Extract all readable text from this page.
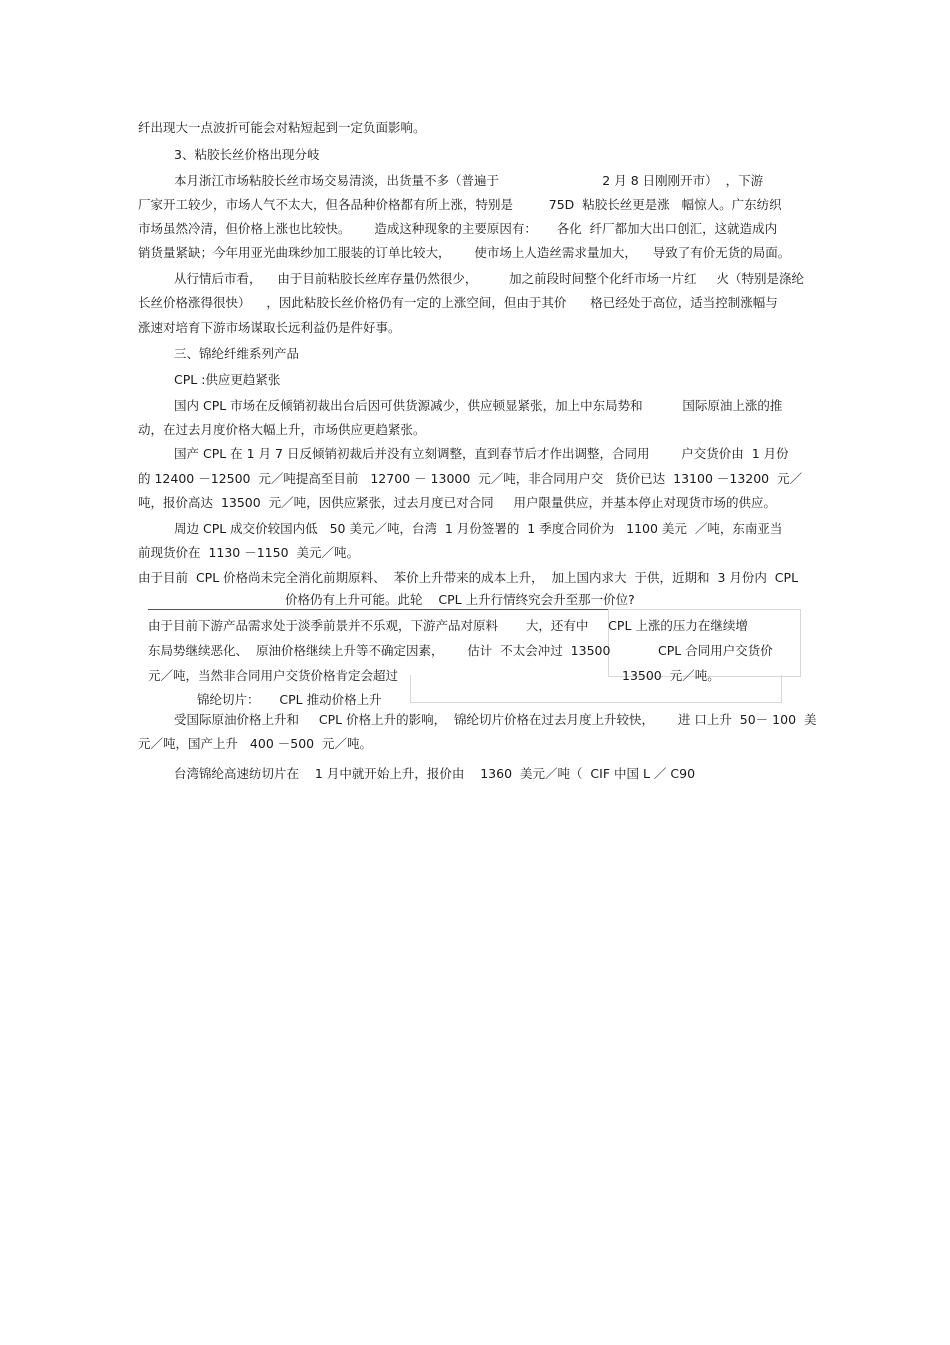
纤出现大一点波折可能会对粘短起到一定负面影响。

3、粘胶长丝价格出现分岐

本月浙江市场粘胶长丝市场交易清淡，出货量不多（普遍于                          2 月 8 日刚刚开市）  ，下游

厂家开工较少，市场人气不太大，但各品种价格都有所上涨，特别是         75D  粘胶长丝更是涨   幅惊人。广东纺织

市场虽然冷清，但价格上涨也比较快。      造成这种现象的主要原因有：     各化  纤厂都加大出口创汇，这就造成内

销货量紧缺；今年用亚光曲珠纱加工服装的订单比较大，      使市场上人造丝需求量加大，    导致了有价无货的局面。

从行情后市看，    由于目前粘胶长丝库存量仍然很少，        加之前段时间整个化纤市场一片红     火（特别是涤纶

长丝价格涨得很快）    ，因此粘胶长丝价格仍有一定的上涨空间，但由于其价      格已经处于高位，适当控制涨幅与

涨速对培育下游市场谋取长远利益仍是件好事。

三、锦纶纤维系列产品

CPL :供应更趋紧张

国内 CPL 市场在反倾销初裁出台后因可供货源减少，供应顿显紧张，加上中东局势和          国际原油上涨的推

动，在过去月度价格大幅上升，市场供应更趋紧张。

国产 CPL 在 1 月 7 日反倾销初裁后并没有立刻调整，直到春节后才作出调整，合同用        户交货价由  1 月份

的 12400 －12500  元／吨提高至目前   12700 － 13000  元／吨，非合同用户交   货价已达  13100 －13200  元／

吨，报价高达  13500  元／吨，因供应紧张，过去月度已对合同     用户限量供应，并基本停止对现货市场的供应。

周边 CPL 成交价较国内低   50 美元／吨，台湾  1 月份签署的  1 季度合同价为   1100 美元  ／吨，东南亚当

前现货价在  1130 －1150  美元／吨。

由于目前  CPL 价格尚未完全消化前期原料、  苯价上升带来的成本上升，  加上国内求大  于供，近期和  3 月份内  CPL

价格仍有上升可能。此轮    CPL 上升行情终究会升至那一价位?

由于目前下游产品需求处于淡季前景并不乐观，下游产品对原料       大，还有中     CPL 上涨的压力在继续增

东局势继续恶化、  原油价格继续上升等不确定因素，      估计  不太会冲过  13500	CPL 合同用户交货价

元／吨，当然非合同用户交货价格肯定会超过	13500  元／吨。

锦纶切片：     CPL 推动价格上升

受国际原油价格上升和     CPL 价格上升的影响，  锦纶切片价格在过去月度上升较快，      进 口上升  50－ 100  美

元／吨，国产上升   400 －500  元／吨。

台湾锦纶高速纺切片在    1 月中就开始上升，报价由    1360  美元／吨（  CIF 中国 L ／ C90
